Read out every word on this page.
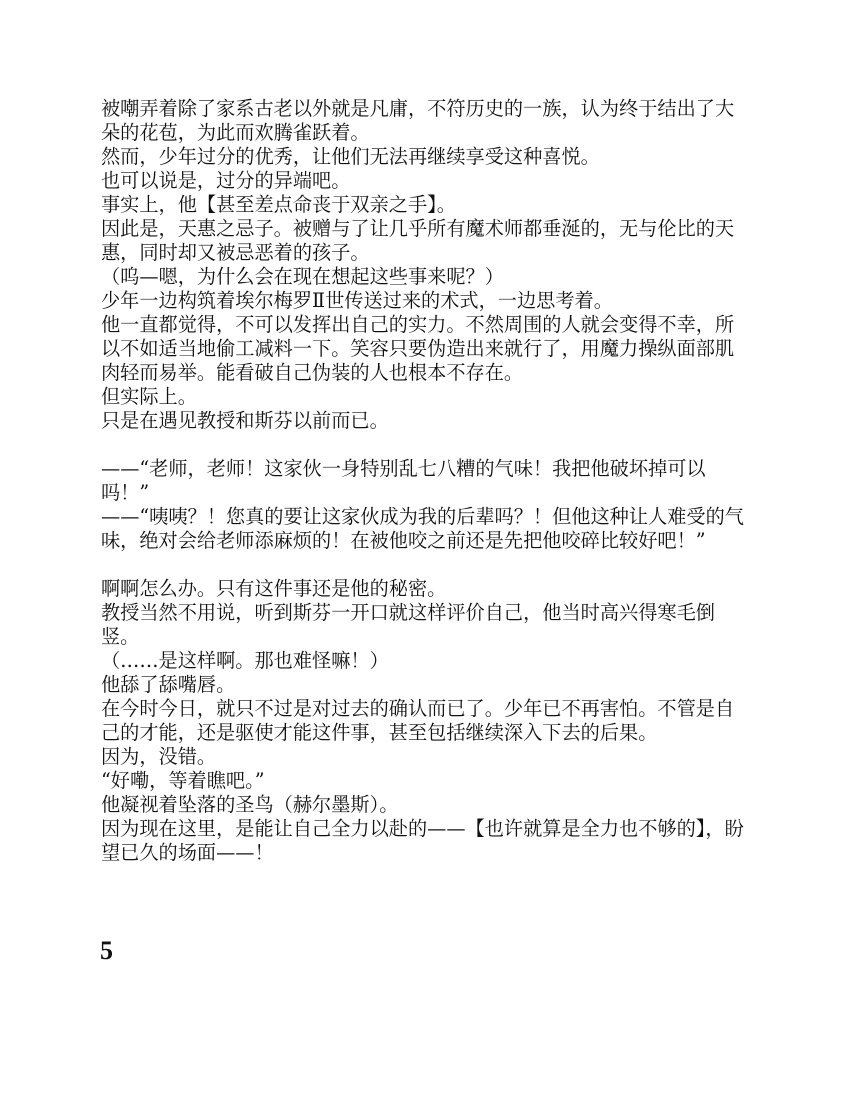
被嘲弄着除了家系古老以外就是凡庸，不符历史的一族，认为终于结出了大朵的花苞，为此而欢腾雀跃着。

然而，少年过分的优秀，让他们无法再继续享受这种喜悦。

也可以说是，过分的异端吧。

事实上，他【甚至差点命丧于双亲之手】。

因此是，天惠之忌子。被赠与了让几乎所有魔术师都垂涎的，无与伦比的天惠，同时却又被忌恶着的孩子。

（呜—嗯，为什么会在现在想起这些事来呢？）

少年一边构筑着埃尔梅罗Ⅱ世传送过来的术式，一边思考着。

他一直都觉得，不可以发挥出自己的实力。不然周围的人就会变得不幸，所以不如适当地偷工减料一下。笑容只要伪造出来就行了，用魔力操纵面部肌肉轻而易举。能看破自己伪装的人也根本不存在。

但实际上。

只是在遇见教授和斯芬以前而已。

——“老师，老师！这家伙一身特别乱七八糟的气味！我把他破坏掉可以吗！”

——“咦咦？！您真的要让这家伙成为我的后辈吗？！但他这种让人难受的气味，绝对会给老师添麻烦的！在被他咬之前还是先把他咬碎比较好吧！”

啊啊怎么办。只有这件事还是他的秘密。

教授当然不用说，听到斯芬一开口就这样评价自己，他当时高兴得寒毛倒竖。

（……是这样啊。那也难怪嘛！）

他舔了舔嘴唇。

在今时今日，就只不过是对过去的确认而已了。少年已不再害怕。不管是自己的才能，还是驱使才能这件事，甚至包括继续深入下去的后果。

因为，没错。

“好嘞，等着瞧吧。”

他凝视着坠落的圣鸟（赫尔墨斯）。

因为现在这里，是能让自己全力以赴的——【也许就算是全力也不够的】，盼望已久的场面——！

5
